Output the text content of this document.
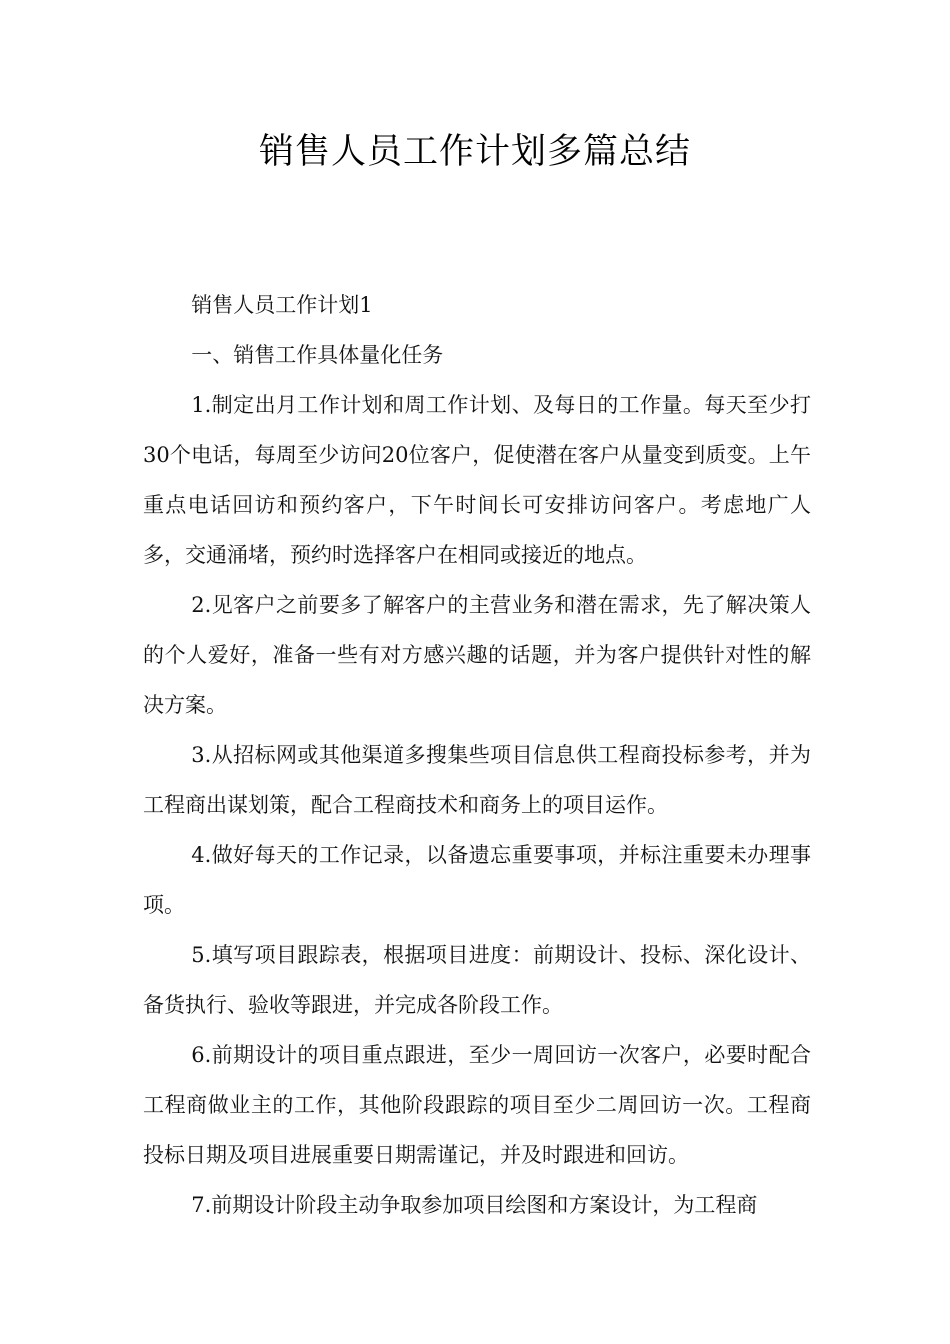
销售人员工作计划多篇总结

销售人员工作计划1

一、销售工作具体量化任务

1.制定出月工作计划和周工作计划、及每日的工作量。每天至少打30个电话，每周至少访问20位客户，促使潜在客户从量变到质变。上午重点电话回访和预约客户，下午时间长可安排访问客户。考虑地广人多，交通涌堵，预约时选择客户在相同或接近的地点。

2.见客户之前要多了解客户的主营业务和潜在需求，先了解决策人的个人爱好，准备一些有对方感兴趣的话题，并为客户提供针对性的解决方案。

3.从招标网或其他渠道多搜集些项目信息供工程商投标参考，并为工程商出谋划策，配合工程商技术和商务上的项目运作。

4.做好每天的工作记录，以备遗忘重要事项，并标注重要未办理事项。

5.填写项目跟踪表，根据项目进度：前期设计、投标、深化设计、备货执行、验收等跟进，并完成各阶段工作。

6.前期设计的项目重点跟进，至少一周回访一次客户，必要时配合工程商做业主的工作，其他阶段跟踪的项目至少二周回访一次。工程商投标日期及项目进展重要日期需谨记，并及时跟进和回访。

7.前期设计阶段主动争取参加项目绘图和方案设计，为工程商
